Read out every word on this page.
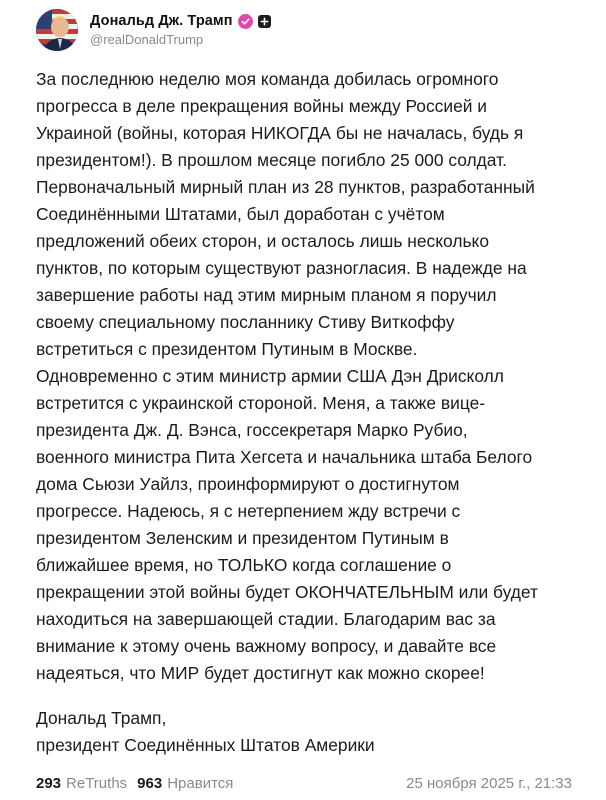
Дональд Дж. Трамп
@realDonaldTrump

За последнюю неделю моя команда добилась огромного
прогресса в деле прекращения войны между Россией и
Украиной (войны, которая НИКОГДА бы не началась, будь я
президентом!). В прошлом месяце погибло 25 000 солдат.
Первоначальный мирный план из 28 пунктов, разработанный
Соединёнными Штатами, был доработан с учётом
предложений обеих сторон, и осталось лишь несколько
пунктов, по которым существуют разногласия. В надежде на
завершение работы над этим мирным планом я поручил
своему специальному посланнику Стиву Виткоффу
встретиться с президентом Путиным в Москве.
Одновременно с этим министр армии США Дэн Дрисколл
встретится с украинской стороной. Меня, а также вице-
президента Дж. Д. Вэнса, госсекретаря Марко Рубио,
военного министра Пита Хегсета и начальника штаба Белого
дома Сьюзи Уайлз, проинформируют о достигнутом
прогрессе. Надеюсь, я с нетерпением жду встречи с
президентом Зеленским и президентом Путиным в
ближайшее время, но ТОЛЬКО когда соглашение о
прекращении этой войны будет ОКОНЧАТЕЛЬНЫМ или будет
находиться на завершающей стадии. Благодарим вас за
внимание к этому очень важному вопросу, и давайте все
надеяться, что МИР будет достигнут как можно скорее!

Дональд Трамп,
президент Соединённых Штатов Америки
293 ReTruths 963 Нравится	25 ноября 2025 г., 21:33
